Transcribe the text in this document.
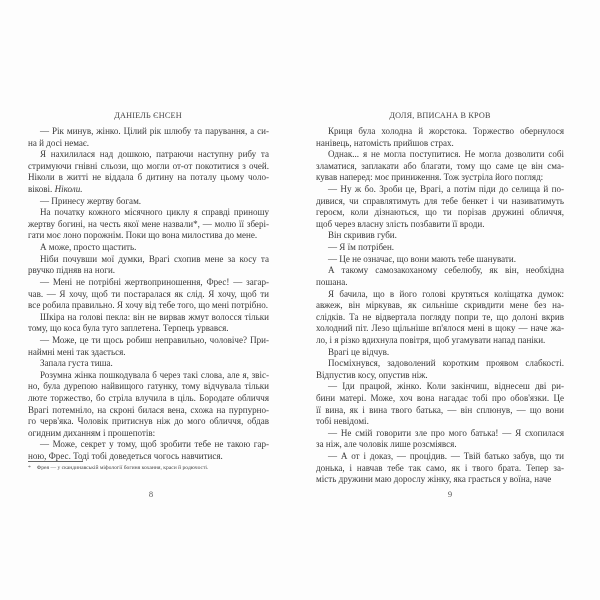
ДАНІЕЛЬ ЄНСЕН
— Рік минув, жінко. Цілий рік шлюбу та парування, а си-
на й досі немає.
Я нахилилася над дошкою, патраючи наступну рибу та
стримуючи гнівні сльози, що могли от-от покотитися з очей.
Ніколи в житті не віддала б дитину на поталу цьому чоло-
вікові. Ніколи.
— Принесу жертву богам.
На початку кожного місячного циклу я справді приношу
жертву богині, на честь якої мене назвали*, — молю її збері-
гати моє лоно порожнім. Поки що вона милостива до мене.
А може, просто щастить.
Ніби почувши мої думки, Врагі схопив мене за косу та
рвучко підняв на ноги.
— Мені не потрібні жертвоприношення, Фрес! — загар-
чав. — Я хочу, щоб ти постаралася як слід. Я хочу, щоб ти
все робила правильно. Я хочу від тебе того, що мені потрібно.
Шкіра на голові пекла: він не вирвав жмут волосся тільки
тому, що коса була туго заплетена. Терпець урвався.
— Може, це ти щось робиш неправильно, чоловіче? При-
наймні мені так здається.
Запала густа тиша.
Розумна жінка пошкодувала б через такі слова, але я, звіс-
но, була дурепою найвищого гатунку, тому відчувала тільки
люте торжество, бо стріла влучила в ціль. Бородате обличчя
Врагі потемніло, на скроні билася вена, схожа на пурпурно-
го черв'яка. Чоловік притиснув ніж до мого обличчя, обдав
огидним диханням і прошепотів:
— Може, секрет у тому, щоб зробити тебе не такою гар-
ною, Фрес. Тоді тобі доведеться чогось навчитися.
* Фрея — у скандинавській міфології богиня кохання, краси й родючості.
8
ДОЛЯ, ВПИСАНА В КРОВ
Криця була холодна й жорстока. Торжество обернулося
нанівець, натомість прийшов страх.
Однак... я не могла поступитися. Не могла дозволити собі
зламатися, заплакати або благати, тому що саме це він сма-
кував наперед: моє приниження. Тож зустріла його погляд:
— Ну ж бо. Зроби це, Врагі, а потім піди до селища й по-
дивися, чи справлятимуть для тебе бенкет і чи називатимуть
героєм, коли дізнаються, що ти порізав дружині обличчя,
щоб через власну злість позбавити її вроди.
Він скривив губи.
— Я їм потрібен.
— Це не означає, що вони мають тебе шанувати.
А такому самозакоханому себелюбу, як він, необхідна
пошана.
Я бачила, що в його голові крутяться коліщатка думок:
авжеж, він міркував, як сильніше скривдити мене без на-
слідків. Та не відвертала погляду попри те, що долоні вкрив
холодний піт. Лезо щільніше вп'ялося мені в щоку — наче жа-
ло, і я різко вдихнула повітря, щоб угамувати напад паніки.
Врагі це відчув.
Посміхнувся, задоволений коротким проявом слабкості.
Відпустив косу, опустив ніж.
— Іди працюй, жінко. Коли закінчиш, віднесеш дві ри-
бини матері. Може, хоч вона нагадає тобі про обов'язки. Це
її вина, як і вина твого батька, — він сплюнув, — що вони
тобі невідомі.
— Не смій говорити зле про мого батька! — Я схопилася
за ніж, але чоловік лише розсміявся.
— А от і доказ, — процідив. — Твій батько забув, що ти
донька, і навчав тебе так само, як і твого брата. Тепер за-
мість дружини маю дорослу жінку, яка грається у воїна, наче
9
